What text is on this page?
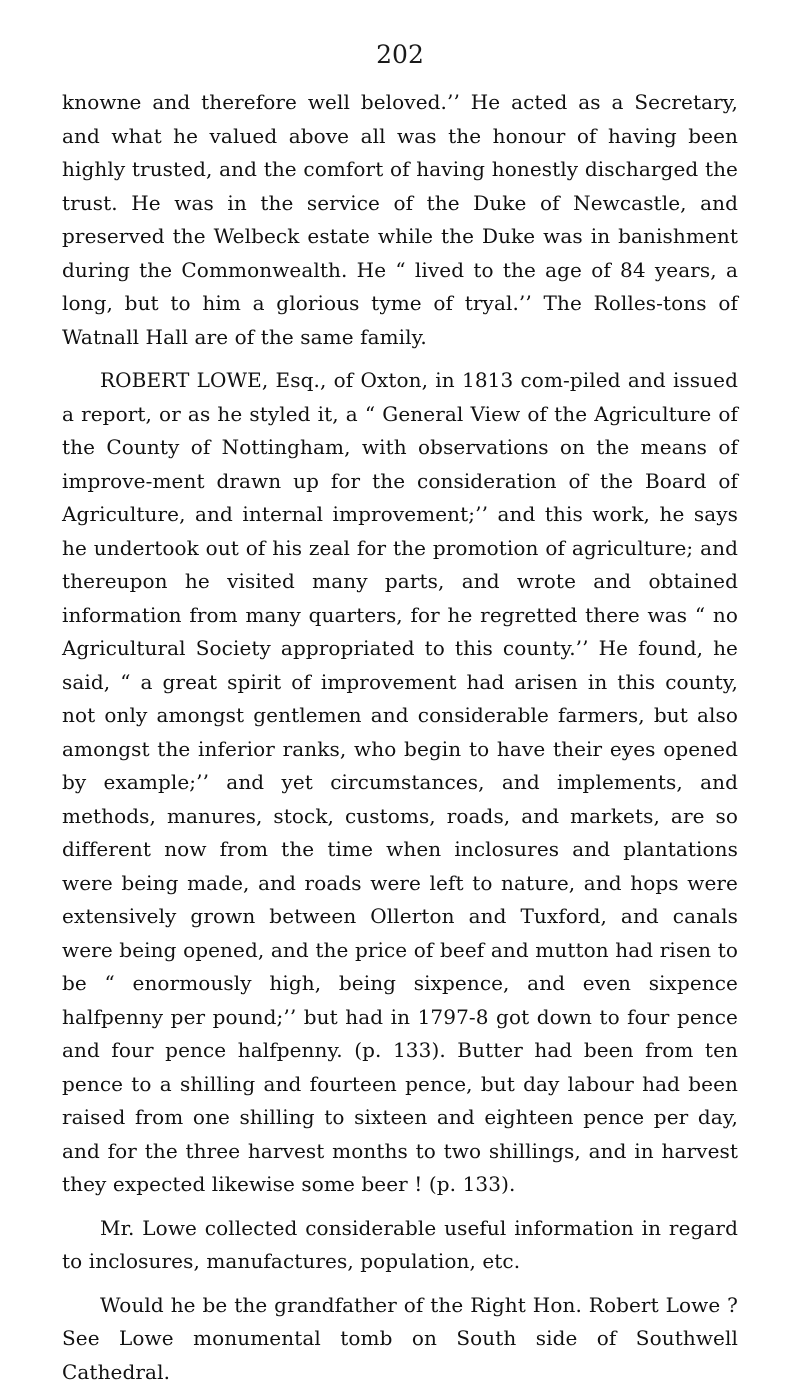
202

knowne and therefore well beloved.’’ He acted as a Secretary, and what he valued above all was the honour of having been highly trusted, and the comfort of having honestly discharged the trust. He was in the service of the Duke of Newcastle, and preserved the Welbeck estate while the Duke was in banishment during the Commonwealth. He “ lived to the age of 84 years, a long, but to him a glorious tyme of tryal.’’ The Rolles-tons of Watnall Hall are of the same family.

ROBERT LOWE, Esq., of Oxton, in 1813 com-piled and issued a report, or as he styled it, a “ General View of the Agriculture of the County of Nottingham, with observations on the means of improve-ment drawn up for the consideration of the Board of Agriculture, and internal improvement;’’ and this work, he says he undertook out of his zeal for the promotion of agriculture; and thereupon he visited many parts, and wrote and obtained information from many quarters, for he regretted there was “ no Agricultural Society appropriated to this county.’’ He found, he said, “ a great spirit of improvement had arisen in this county, not only amongst gentlemen and considerable farmers, but also amongst the inferior ranks, who begin to have their eyes opened by example;’’ and yet circumstances, and implements, and methods, manures, stock, customs, roads, and markets, are so different now from the time when inclosures and plantations were being made, and roads were left to nature, and hops were extensively grown between Ollerton and Tuxford, and canals were being opened, and the price of beef and mutton had risen to be “ enormously high, being sixpence, and even sixpence halfpenny per pound;’’ but had in 1797-8 got down to four pence and four pence halfpenny. (p. 133). Butter had been from ten pence to a shilling and fourteen pence, but day labour had been raised from one shilling to sixteen and eighteen pence per day, and for the three harvest months to two shillings, and in harvest they expected likewise some beer ! (p. 133).

Mr. Lowe collected considerable useful information in regard to inclosures, manufactures, population, etc.

Would he be the grandfather of the Right Hon. Robert Lowe ? See Lowe monumental tomb on South side of Southwell Cathedral.
